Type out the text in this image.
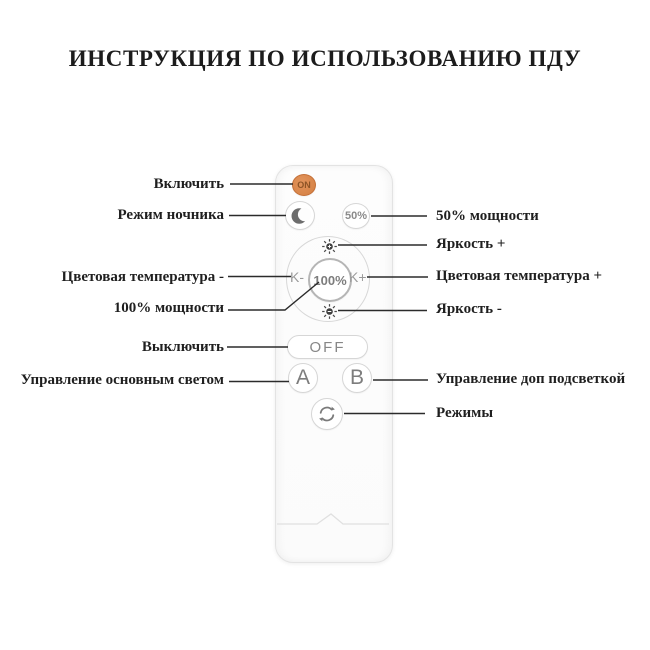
ИНСТРУКЦИЯ ПО ИСПОЛЬЗОВАНИЮ ПДУ
ON
50%
K- 100% K+
OFF
A	B
Включить
Режим ночника
Цветовая температура -
100% мощности
Выключить
Управление основным светом
50% мощности
Яркость +
Цветовая температура +
Яркость -
Управление доп подсветкой
Режимы
